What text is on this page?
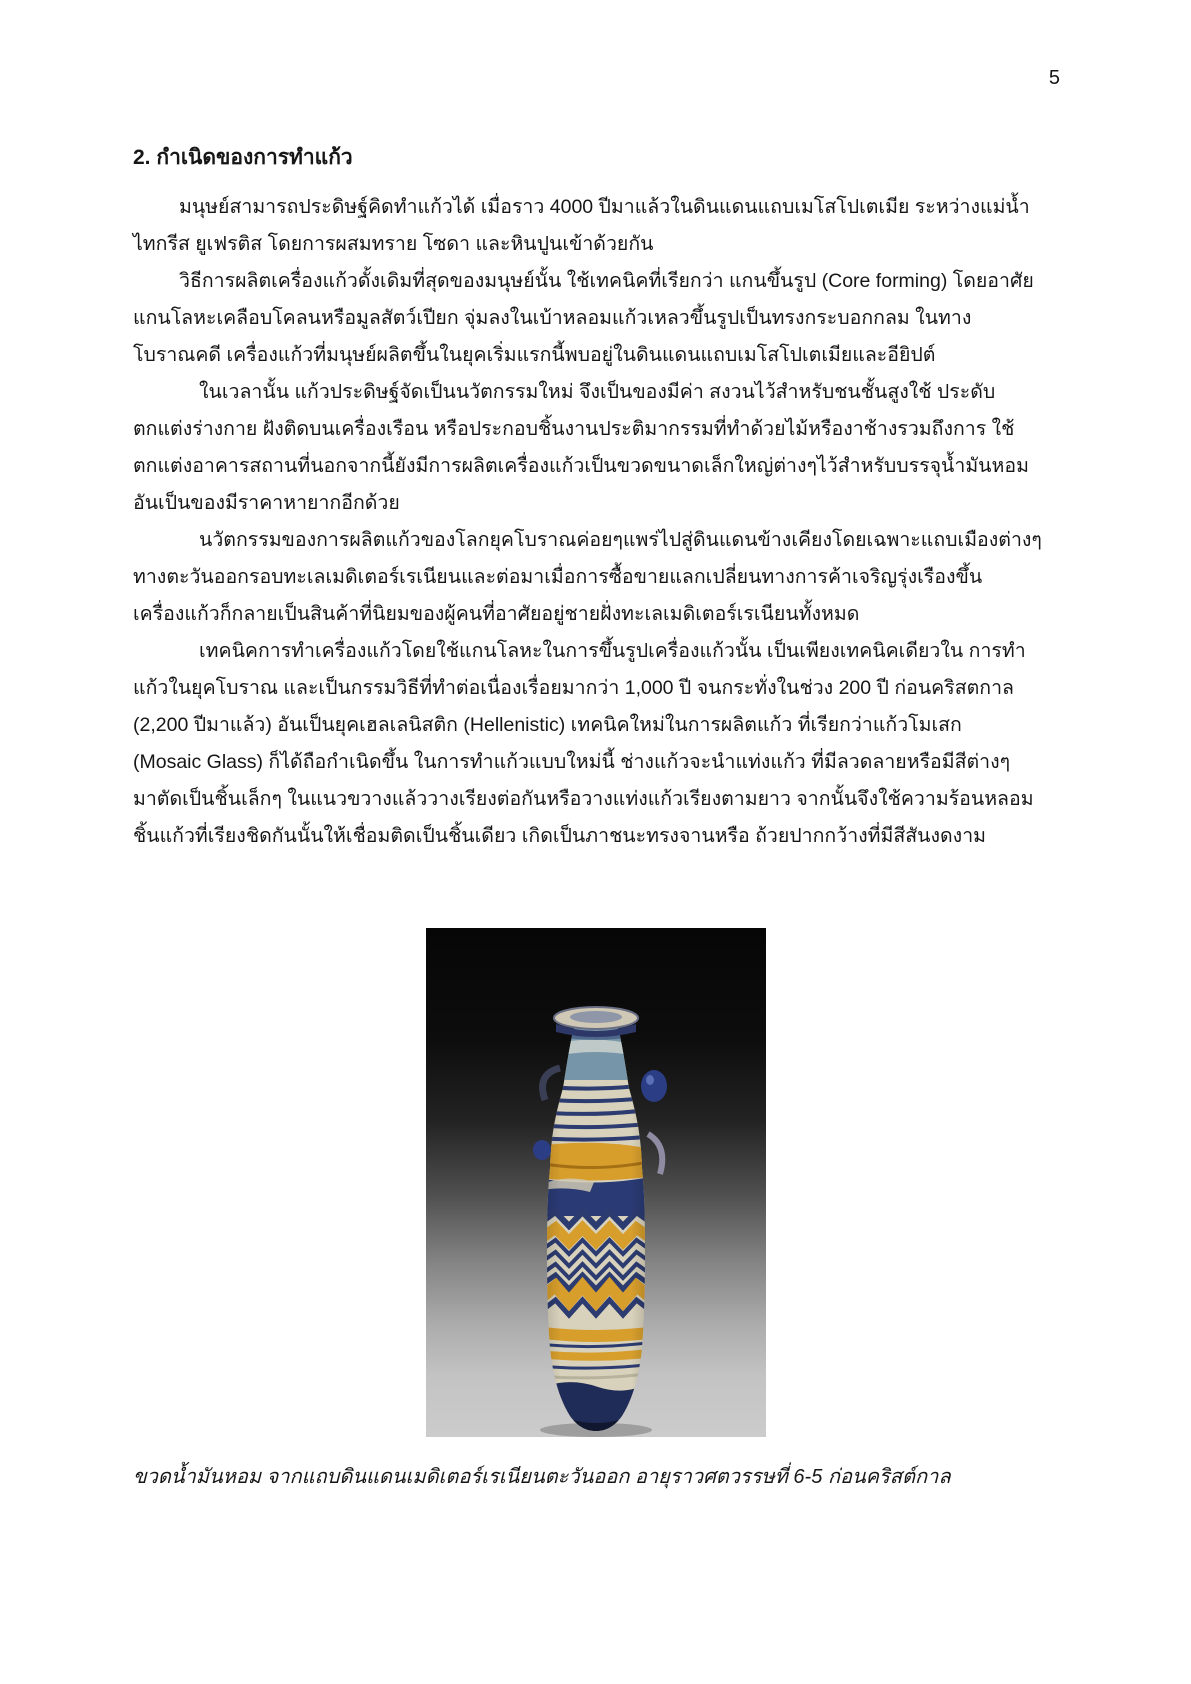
5
2. กำเนิดของการทำแก้ว
มนุษย์สามารถประดิษฐ์คิดทำแก้วได้ เมื่อราว 4000 ปีมาแล้วในดินแดนแถบเมโสโปเตเมีย ระหว่างแม่น้ำ
ไทกรีส ยูเฟรติส โดยการผสมทราย โซดา และหินปูนเข้าด้วยกัน
วิธีการผลิตเครื่องแก้วดั้งเดิมที่สุดของมนุษย์นั้น ใช้เทคนิคที่เรียกว่า แกนขึ้นรูป (Core forming) โดยอาศัย
แกนโลหะเคลือบโคลนหรือมูลสัตว์เปียก จุ่มลงในเบ้าหลอมแก้วเหลวขึ้นรูปเป็นทรงกระบอกกลม ในทาง
โบราณคดี เครื่องแก้วที่มนุษย์ผลิตขึ้นในยุคเริ่มแรกนี้พบอยู่ในดินแดนแถบเมโสโปเตเมียและอียิปต์
ในเวลานั้น แก้วประดิษฐ์จัดเป็นนวัตกรรมใหม่ จึงเป็นของมีค่า สงวนไว้สำหรับชนชั้นสูงใช้ ประดับ
ตกแต่งร่างกาย ฝังติดบนเครื่องเรือน หรือประกอบชิ้นงานประติมากรรมที่ทำด้วยไม้หรืองาช้างรวมถึงการ ใช้
ตกแต่งอาคารสถานที่นอกจากนี้ยังมีการผลิตเครื่องแก้วเป็นขวดขนาดเล็กใหญ่ต่างๆไว้สำหรับบรรจุน้ำมันหอม
อันเป็นของมีราคาหายากอีกด้วย
นวัตกรรมของการผลิตแก้วของโลกยุคโบราณค่อยๆแพร่ไปสู่ดินแดนข้างเคียงโดยเฉพาะแถบเมืองต่างๆ
ทางตะวันออกรอบทะเลเมดิเตอร์เรเนียนและต่อมาเมื่อการซื้อขายแลกเปลี่ยนทางการค้าเจริญรุ่งเรืองขึ้น
เครื่องแก้วก็กลายเป็นสินค้าที่นิยมของผู้คนที่อาศัยอยู่ชายฝั่งทะเลเมดิเตอร์เรเนียนทั้งหมด
เทคนิคการทำเครื่องแก้วโดยใช้แกนโลหะในการขึ้นรูปเครื่องแก้วนั้น เป็นเพียงเทคนิคเดียวใน การทำ
แก้วในยุคโบราณ และเป็นกรรมวิธีที่ทำต่อเนื่องเรื่อยมากว่า 1,000 ปี จนกระทั่งในช่วง 200 ปี ก่อนคริสตกาล
(2,200 ปีมาแล้ว) อันเป็นยุคเฮลเลนิสติก (Hellenistic) เทคนิคใหม่ในการผลิตแก้ว ที่เรียกว่าแก้วโมเสก
(Mosaic Glass) ก็ได้ถือกำเนิดขึ้น ในการทำแก้วแบบใหม่นี้ ช่างแก้วจะนำแท่งแก้ว ที่มีลวดลายหรือมีสีต่างๆ
มาตัดเป็นชิ้นเล็กๆ ในแนวขวางแล้ววางเรียงต่อกันหรือวางแท่งแก้วเรียงตามยาว จากนั้นจึงใช้ความร้อนหลอม
ชิ้นแก้วที่เรียงชิดกันนั้นให้เชื่อมติดเป็นชิ้นเดียว เกิดเป็นภาชนะทรงจานหรือ ถ้วยปากกว้างที่มีสีสันงดงาม
ขวดน้ำมันหอม จากแถบดินแดนเมดิเตอร์เรเนียนตะวันออก อายุราวศตวรรษที่ 6-5 ก่อนคริสต์กาล
